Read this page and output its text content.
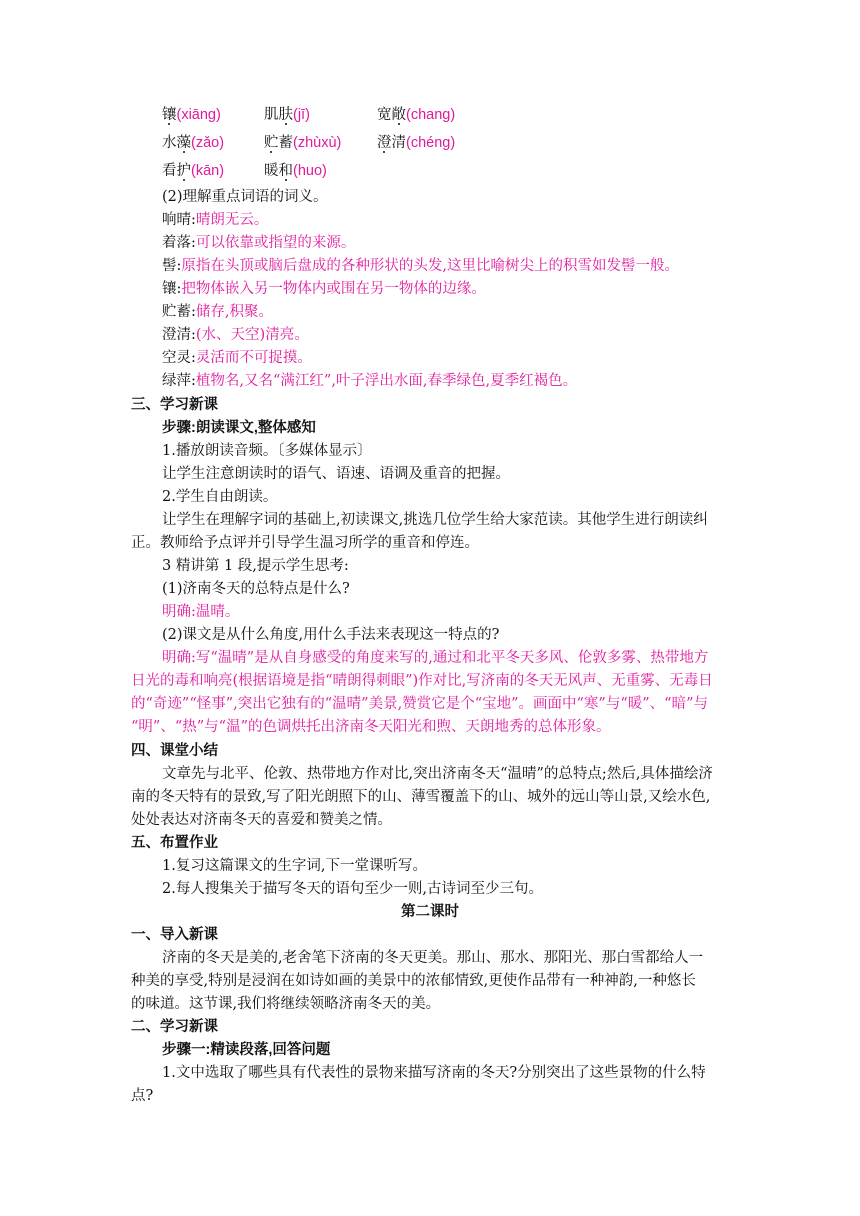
镶(xiāng)	肌肤(jī)	宽敞(chang)
水藻(zǎo)	贮蓄(zhùxù) 澄清(chéng)
看护(kān)	暖和(huo)
(2)理解重点词语的词义。
响晴:晴朗无云。
着落:可以依靠或指望的来源。
髻:原指在头顶或脑后盘成的各种形状的头发,这里比喻树尖上的积雪如发髻一般。
镶:把物体嵌入另一物体内或围在另一物体的边缘。
贮蓄:储存,积聚。
澄清:(水、天空)清亮。
空灵:灵活而不可捉摸。
绿萍:植物名,又名“满江红”,叶子浮出水面,春季绿色,夏季红褐色。
三、学习新课
步骤:朗读课文,整体感知
1.播放朗读音频。〔多媒体显示〕
让学生注意朗读时的语气、语速、语调及重音的把握。
2.学生自由朗读。
让学生在理解字词的基础上,初读课文,挑选几位学生给大家范读。其他学生进行朗读纠
正。教师给予点评并引导学生温习所学的重音和停连。
3 精讲第 1 段,提示学生思考:
(1)济南冬天的总特点是什么?
明确:温晴。
(2)课文是从什么角度,用什么手法来表现这一特点的?
明确:写“温晴”是从自身感受的角度来写的,通过和北平冬天多风、伦敦多雾、热带地方
日光的毒和响亮(根据语境是指“晴朗得刺眼”)作对比,写济南的冬天无风声、无重雾、无毒日
的“奇迹”“怪事”,突出它独有的“温晴”美景,赞赏它是个“宝地”。画面中“寒”与“暖”、“暗”与
“明”、“热”与“温”的色调烘托出济南冬天阳光和煦、天朗地秀的总体形象。
四、课堂小结
文章先与北平、伦敦、热带地方作对比,突出济南冬天“温晴”的总特点;然后,具体描绘济
南的冬天特有的景致,写了阳光朗照下的山、薄雪覆盖下的山、城外的远山等山景,又绘水色,
处处表达对济南冬天的喜爱和赞美之情。
五、布置作业
1.复习这篇课文的生字词,下一堂课听写。
2.每人搜集关于描写冬天的语句至少一则,古诗词至少三句。
第二课时
一、导入新课
济南的冬天是美的,老舍笔下济南的冬天更美。那山、那水、那阳光、那白雪都给人一
种美的享受,特别是浸润在如诗如画的美景中的浓郁情致,更使作品带有一种神韵,一种悠长
的味道。这节课,我们将继续领略济南冬天的美。
二、学习新课
步骤一:精读段落,回答问题
1.文中选取了哪些具有代表性的景物来描写济南的冬天?分别突出了这些景物的什么特
点?
